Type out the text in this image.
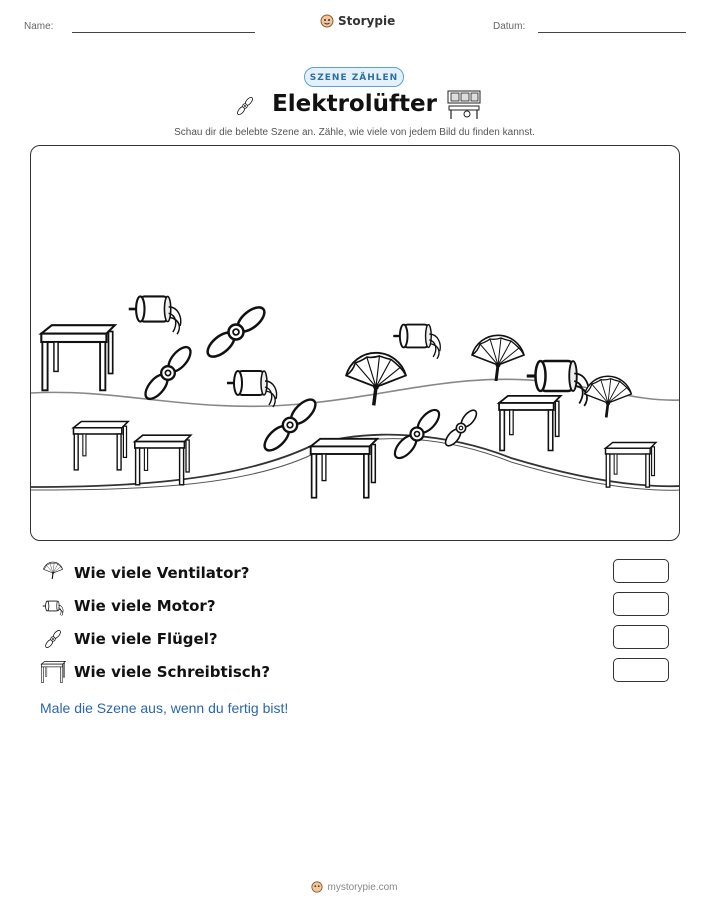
Name:	Storypie	Datum:
SZENE ZÄHLEN
Elektrolüfter
Schau dir die belebte Szene an. Zähle, wie viele von jedem Bild du finden kannst.
Wie viele Ventilator?
Wie viele Motor?
Wie viele Flügel?
Wie viele Schreibtisch?
Male die Szene aus, wenn du fertig bist!
mystorypie.com
